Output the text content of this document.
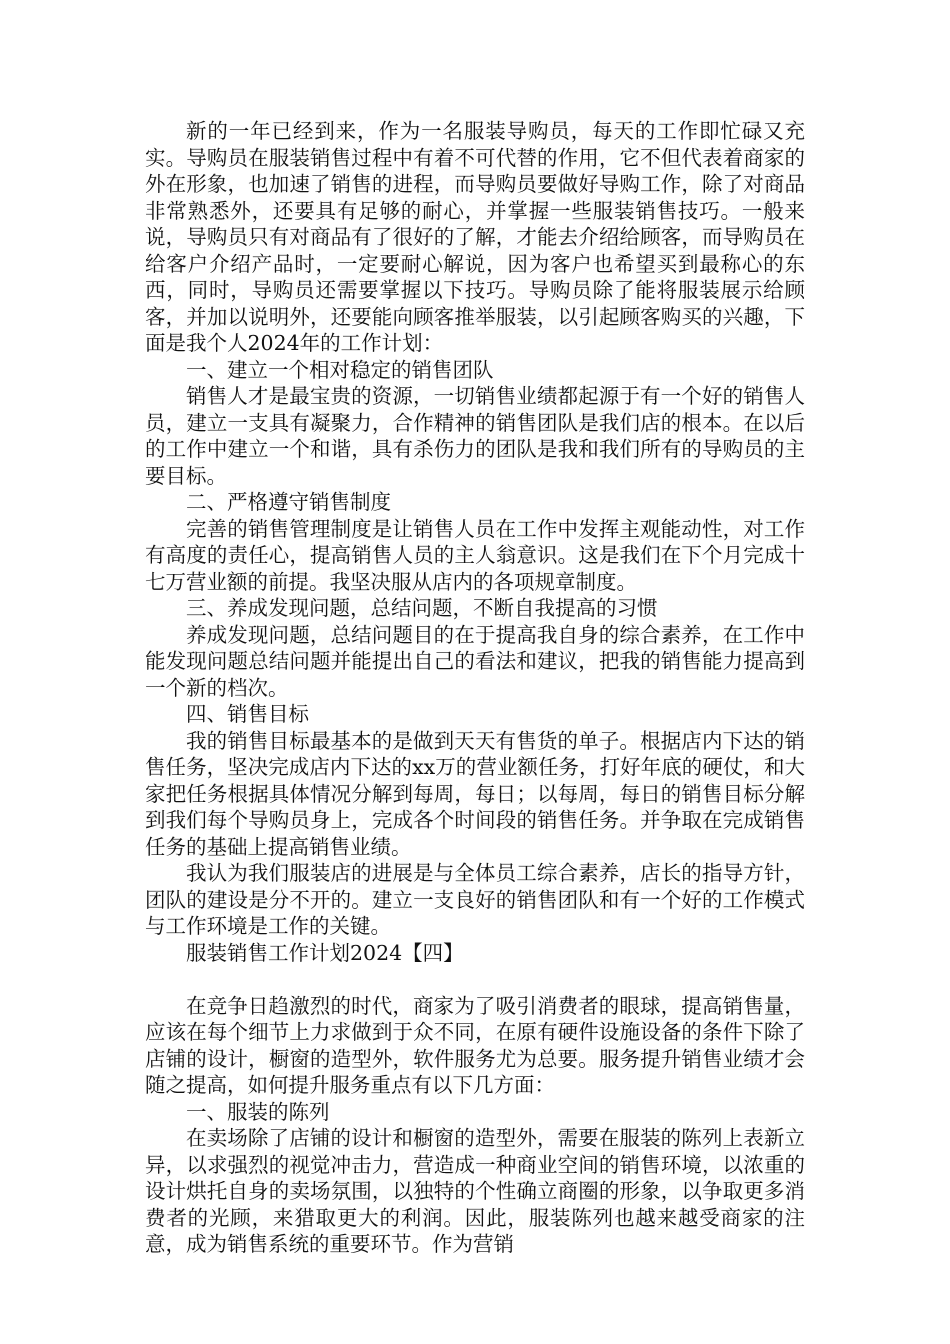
新的一年已经到来，作为一名服装导购员，每天的工作即忙碌又充实。导购员在服装销售过程中有着不可代替的作用，它不但代表着商家的外在形象，也加速了销售的进程，而导购员要做好导购工作，除了对商品非常熟悉外，还要具有足够的耐心，并掌握一些服装销售技巧。一般来说，导购员只有对商品有了很好的了解，才能去介绍给顾客，而导购员在给客户介绍产品时，一定要耐心解说，因为客户也希望买到最称心的东西，同时，导购员还需要掌握以下技巧。导购员除了能将服装展示给顾客，并加以说明外，还要能向顾客推举服装，以引起顾客购买的兴趣，下面是我个人2024年的工作计划：

一、建立一个相对稳定的销售团队

销售人才是最宝贵的资源，一切销售业绩都起源于有一个好的销售人员，建立一支具有凝聚力，合作精神的销售团队是我们店的根本。在以后的工作中建立一个和谐，具有杀伤力的团队是我和我们所有的导购员的主要目标。

二、严格遵守销售制度

完善的销售管理制度是让销售人员在工作中发挥主观能动性，对工作有高度的责任心，提高销售人员的主人翁意识。这是我们在下个月完成十七万营业额的前提。我坚决服从店内的各项规章制度。

三、养成发现问题，总结问题，不断自我提高的习惯

养成发现问题，总结问题目的在于提高我自身的综合素养，在工作中能发现问题总结问题并能提出自己的看法和建议，把我的销售能力提高到一个新的档次。

四、销售目标

我的销售目标最基本的是做到天天有售货的单子。根据店内下达的销售任务，坚决完成店内下达的xx万的营业额任务，打好年底的硬仗，和大家把任务根据具体情况分解到每周，每日；以每周，每日的销售目标分解到我们每个导购员身上，完成各个时间段的销售任务。并争取在完成销售任务的基础上提高销售业绩。

我认为我们服装店的进展是与全体员工综合素养，店长的指导方针，团队的建设是分不开的。建立一支良好的销售团队和有一个好的工作模式与工作环境是工作的关键。

服装销售工作计划2024【四】

在竞争日趋激烈的时代，商家为了吸引消费者的眼球，提高销售量，应该在每个细节上力求做到于众不同，在原有硬件设施设备的条件下除了店铺的设计，橱窗的造型外，软件服务尤为总要。服务提升销售业绩才会随之提高，如何提升服务重点有以下几方面：

一、服装的陈列

在卖场除了店铺的设计和橱窗的造型外，需要在服装的陈列上表新立异，以求强烈的视觉冲击力，营造成一种商业空间的销售环境，以浓重的设计烘托自身的卖场氛围，以独特的个性确立商圈的形象，以争取更多消费者的光顾，来猎取更大的利润。因此，服装陈列也越来越受商家的注意，成为销售系统的重要环节。作为营销
